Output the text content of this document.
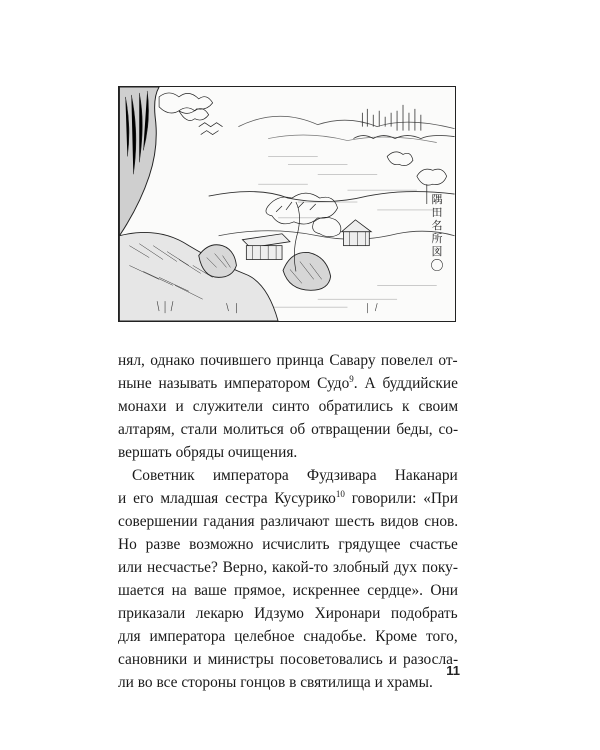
隅
田
名
所
図
〇
нял, однако почившего принца Савару повелел от-
ныне называть императором Судо$^9$. А буддийские
монахи и служители синто обратились к своим
алтарям, стали молиться об отвращении беды, со-
вершать обряды очищения.
Советник императора Фудзивара Наканари
и его младшая сестра Кусурико$^{10}$ говорили: «При
совершении гадания различают шесть видов снов.
Но разве возможно исчислить грядущее счастье
или несчастье? Верно, какой-то злобный дух поку-
шается на ваше прямое, искреннее сердце». Они
приказали лекарю Идзумо Хиронари подобрать
для императора целебное снадобье. Кроме того,
сановники и министры посоветовались и разосла-
ли во все стороны гонцов в святилища и храмы.
11
